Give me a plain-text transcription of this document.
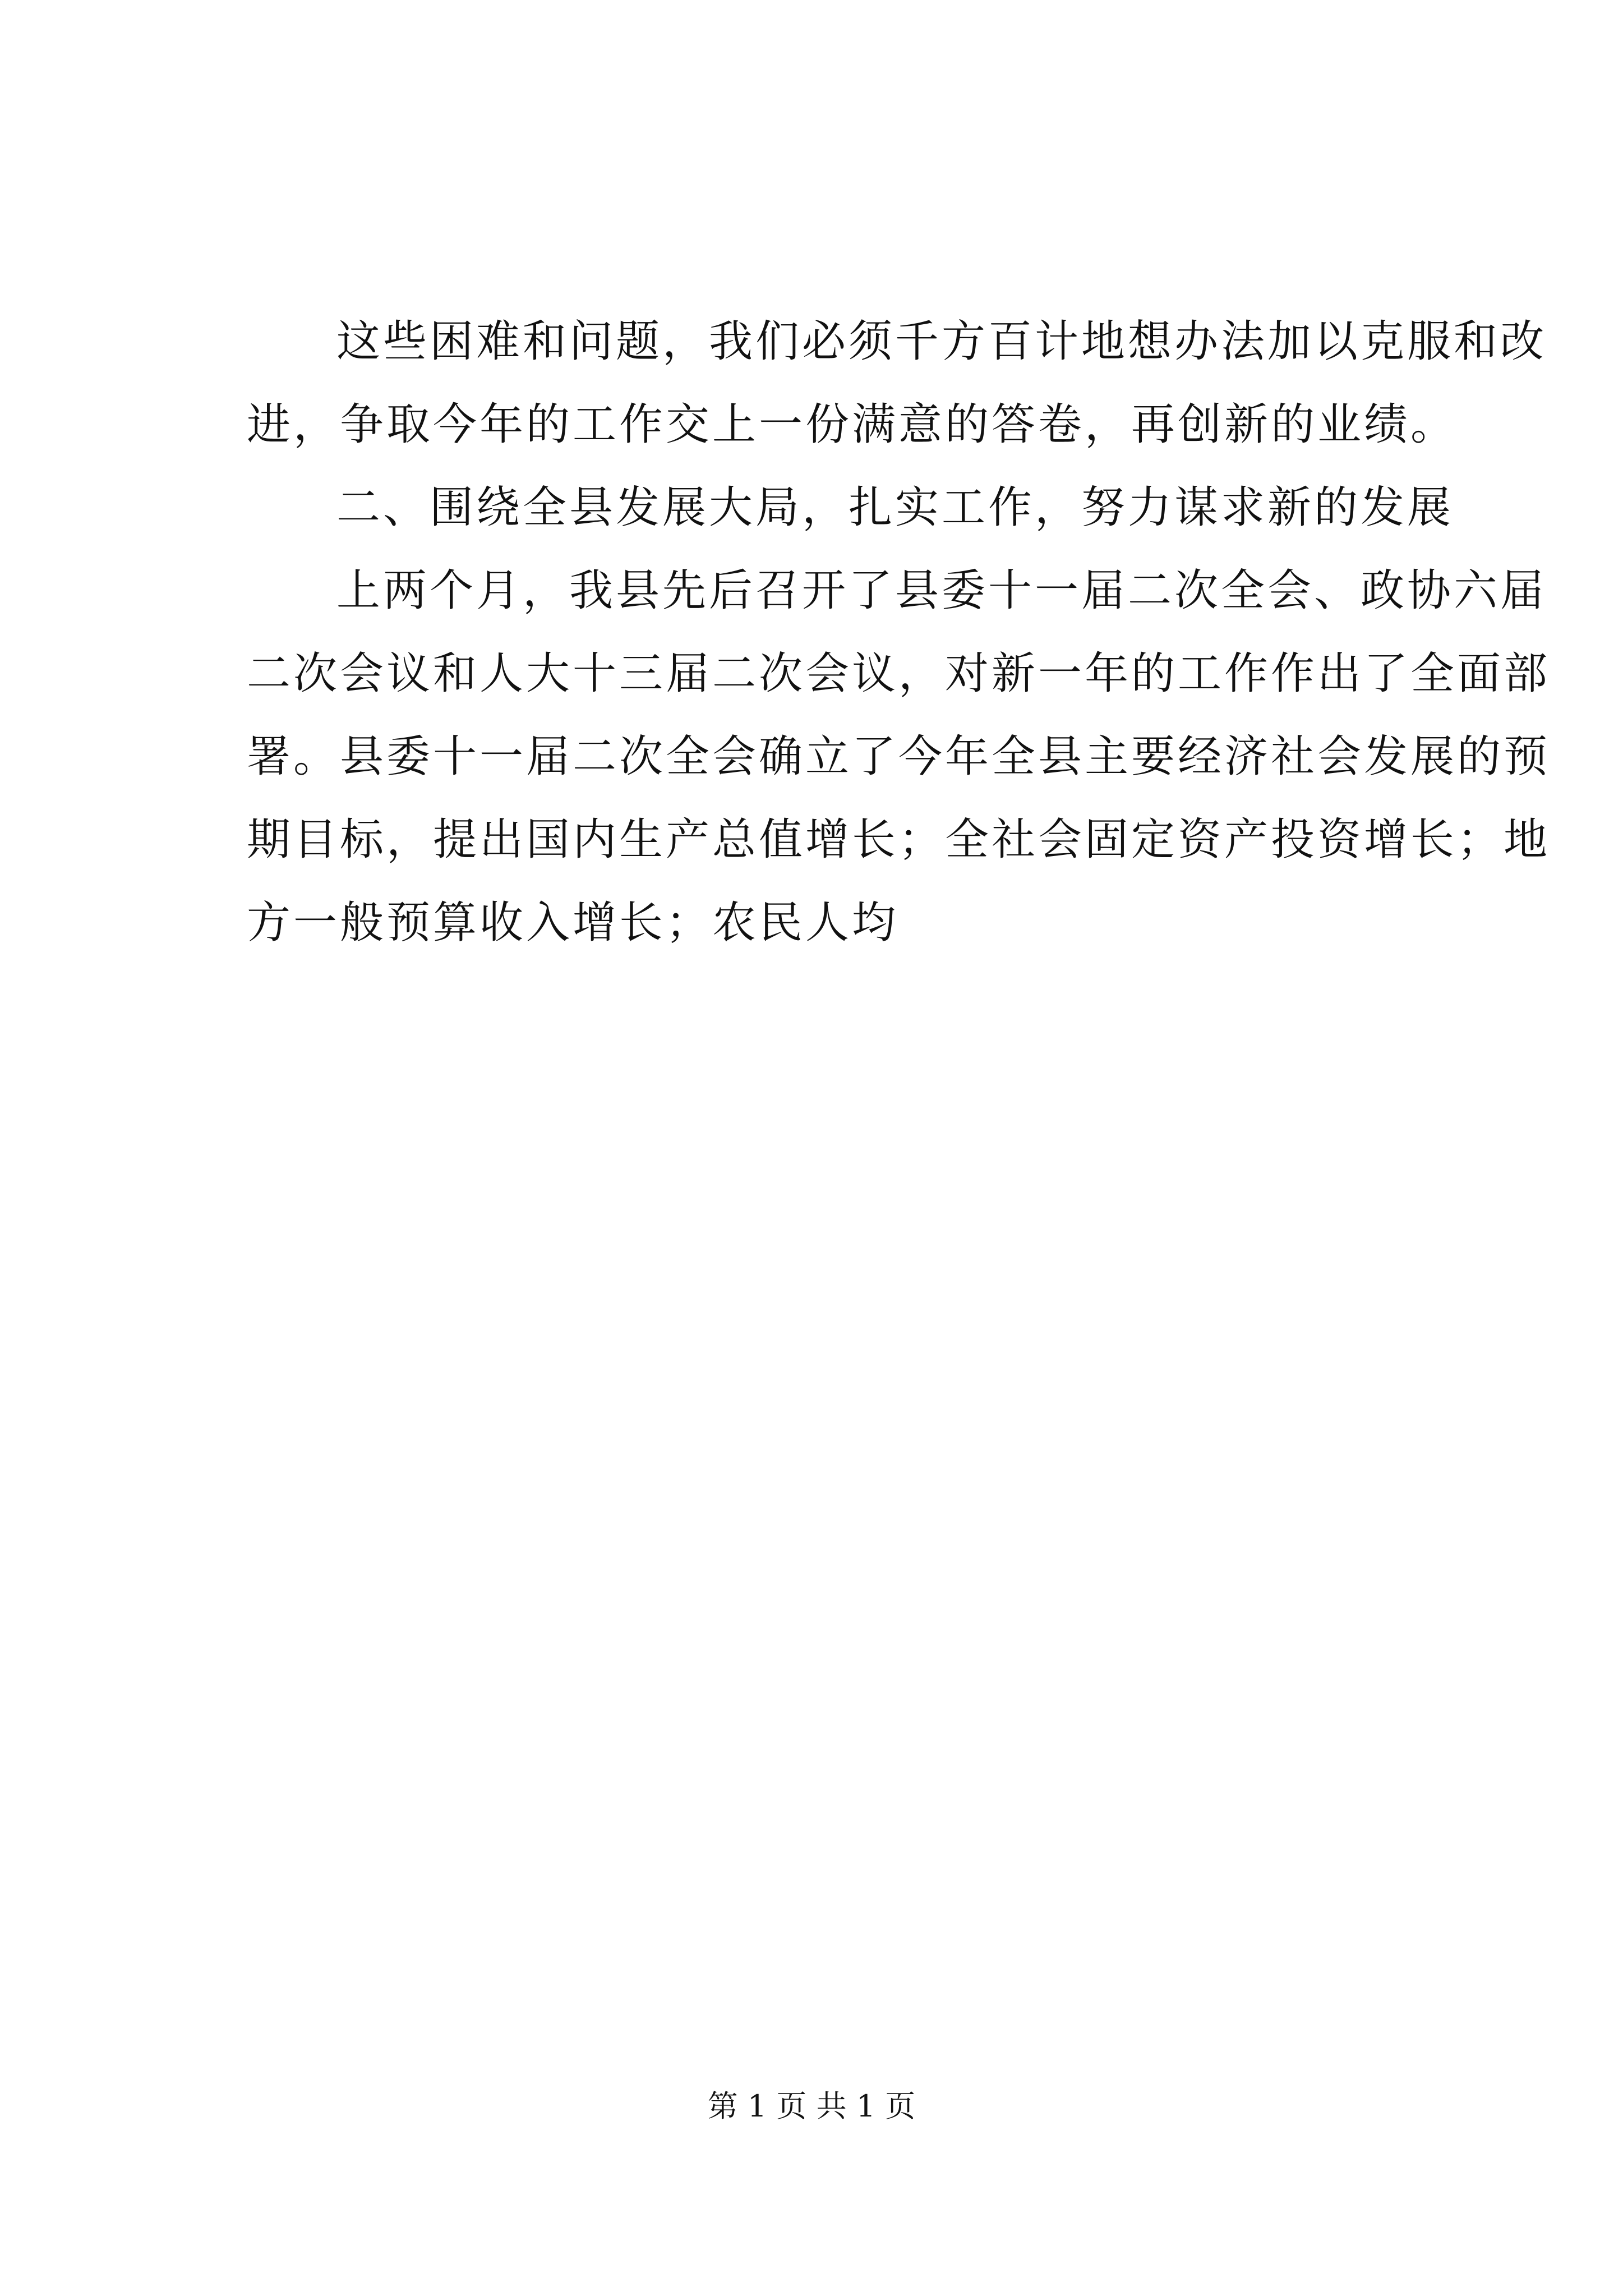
这些困难和问题，我们必须千方百计地想办法加以克服和改
进，争取今年的工作交上一份满意的答卷，再创新的业绩。
二、围绕全县发展大局，扎实工作，努力谋求新的发展
上两个月，我县先后召开了县委十一届二次全会、政协六届
二次会议和人大十三届二次会议，对新一年的工作作出了全面部
署。县委十一届二次全会确立了今年全县主要经济社会发展的预
期目标，提出国内生产总值增长；全社会固定资产投资增长；地
方一般预算收入增长；农民人均
第 1 页 共 1 页
